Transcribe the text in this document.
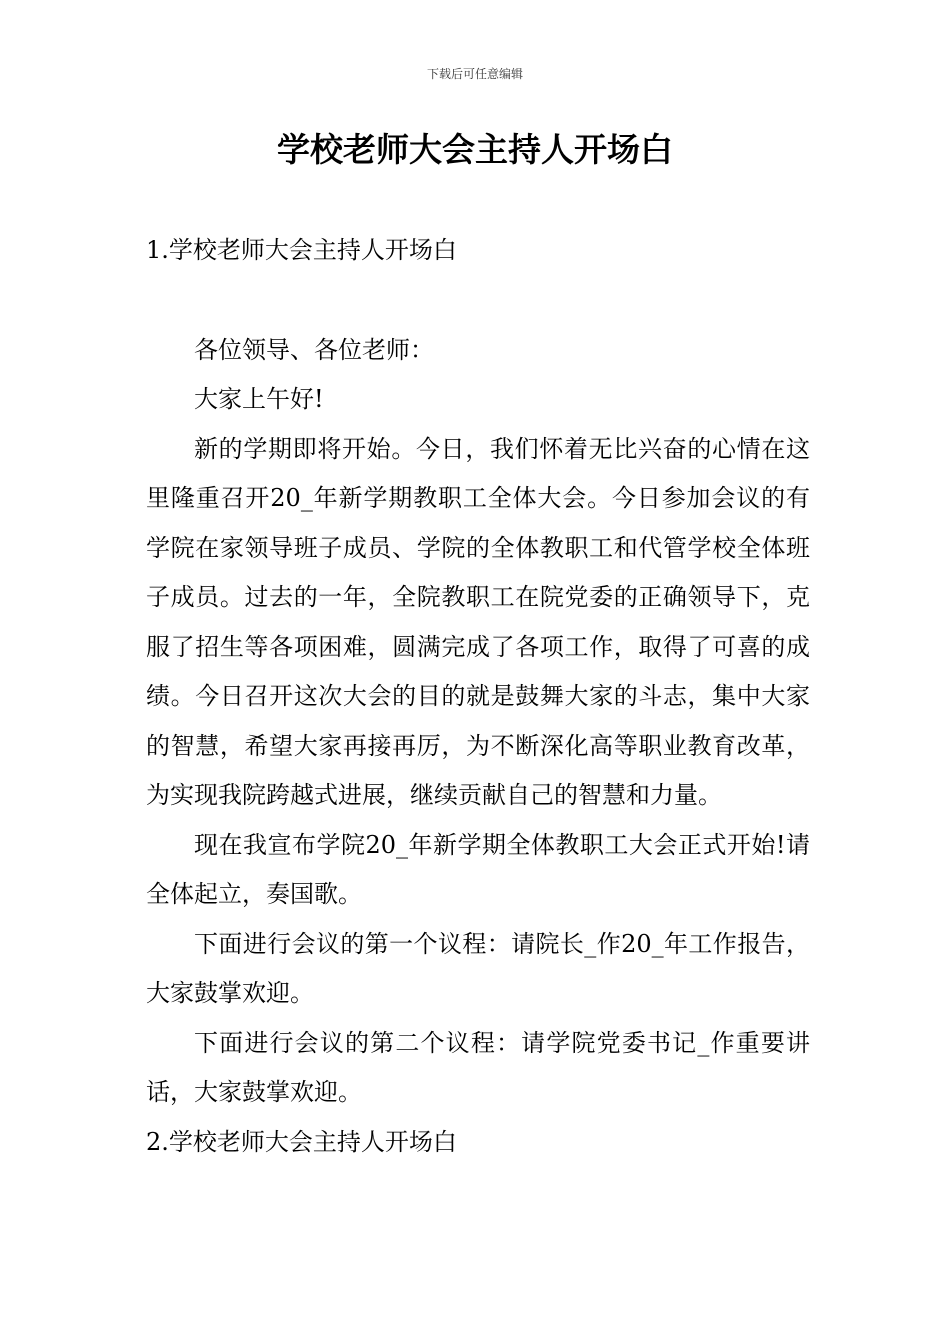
下载后可任意编辑
学校老师大会主持人开场白

1.学校老师大会主持人开场白

各位领导、各位老师：

大家上午好!

新的学期即将开始。今日，我们怀着无比兴奋的心情在这里隆重召开20_年新学期教职工全体大会。今日参加会议的有学院在家领导班子成员、学院的全体教职工和代管学校全体班子成员。过去的一年，全院教职工在院党委的正确领导下，克服了招生等各项困难，圆满完成了各项工作，取得了可喜的成绩。今日召开这次大会的目的就是鼓舞大家的斗志，集中大家的智慧，希望大家再接再厉，为不断深化高等职业教育改革，为实现我院跨越式进展，继续贡献自己的智慧和力量。

现在我宣布学院20_年新学期全体教职工大会正式开始!请全体起立，奏国歌。

下面进行会议的第一个议程：请院长_作20_年工作报告，大家鼓掌欢迎。

下面进行会议的第二个议程：请学院党委书记_作重要讲话，大家鼓掌欢迎。

2.学校老师大会主持人开场白
